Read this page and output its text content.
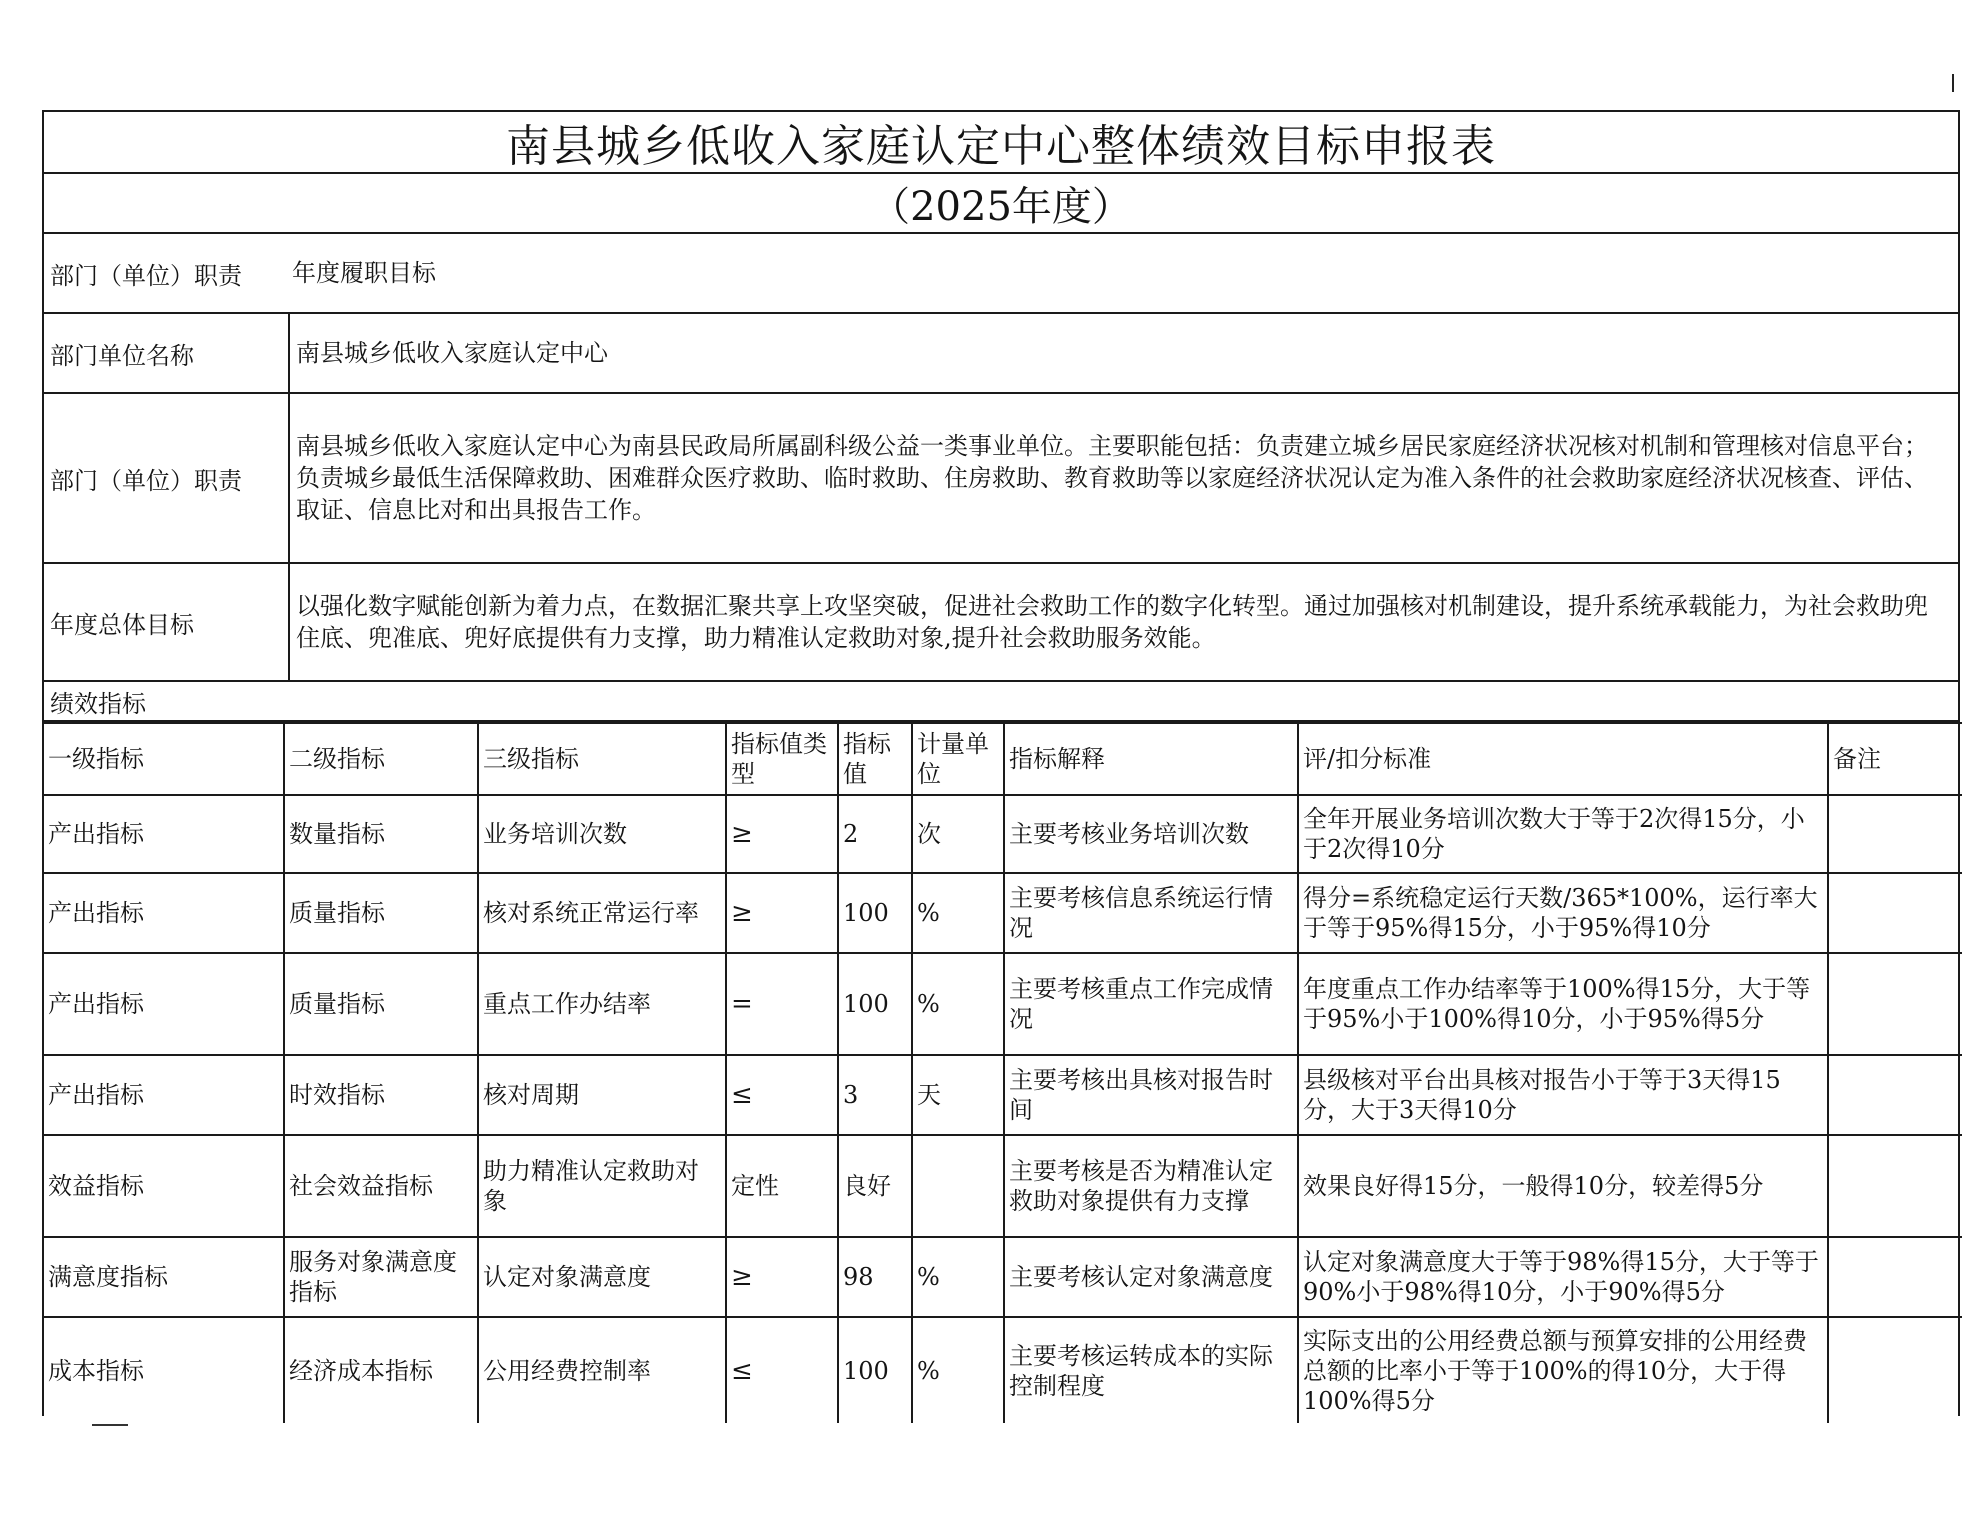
南县城乡低收入家庭认定中心整体绩效目标申报表
（2025年度）
部门（单位）职责	年度履职目标
部门单位名称	南县城乡低收入家庭认定中心
部门（单位）职责
南县城乡低收入家庭认定中心为南县民政局所属副科级公益一类事业单位。主要职能包括：负责建立城乡居民家庭经济状况核对机制和管理核对信息平台；负责城乡最低生活保障救助、困难群众医疗救助、临时救助、住房救助、教育救助等以家庭经济状况认定为准入条件的社会救助家庭经济状况核查、评估、取证、信息比对和出具报告工作。
年度总体目标
以强化数字赋能创新为着力点，在数据汇聚共享上攻坚突破，促进社会救助工作的数字化转型。通过加强核对机制建设，提升系统承载能力，为社会救助兜住底、兜准底、兜好底提供有力支撑，助力精准认定救助对象,提升社会救助服务效能。
绩效指标
一级指标	二级指标	三级指标	指标值类型	指标值	计量单位	指标解释	评/扣分标准	备注
产出指标	数量指标	业务培训次数	≥	2	次	主要考核业务培训次数	全年开展业务培训次数大于等于2次得15分，小于2次得10分	
产出指标	质量指标	核对系统正常运行率	≥	100	%	主要考核信息系统运行情况	得分=系统稳定运行天数/365*100%，运行率大于等于95%得15分，小于95%得10分	
产出指标	质量指标	重点工作办结率	=	100	%	主要考核重点工作完成情况	年度重点工作办结率等于100%得15分，大于等于95%小于100%得10分，小于95%得5分	
产出指标	时效指标	核对周期	≤	3	天	主要考核出具核对报告时间	县级核对平台出具核对报告小于等于3天得15分，大于3天得10分	
效益指标	社会效益指标	助力精准认定救助对象	定性	良好		主要考核是否为精准认定救助对象提供有力支撑	效果良好得15分，一般得10分，较差得5分	
满意度指标	服务对象满意度指标	认定对象满意度	≥	98	%	主要考核认定对象满意度	认定对象满意度大于等于98%得15分，大于等于90%小于98%得10分，小于90%得5分	
成本指标	经济成本指标	公用经费控制率	≤	100	%	主要考核运转成本的实际控制程度	实际支出的公用经费总额与预算安排的公用经费总额的比率小于等于100%的得10分，大于得100%得5分	
